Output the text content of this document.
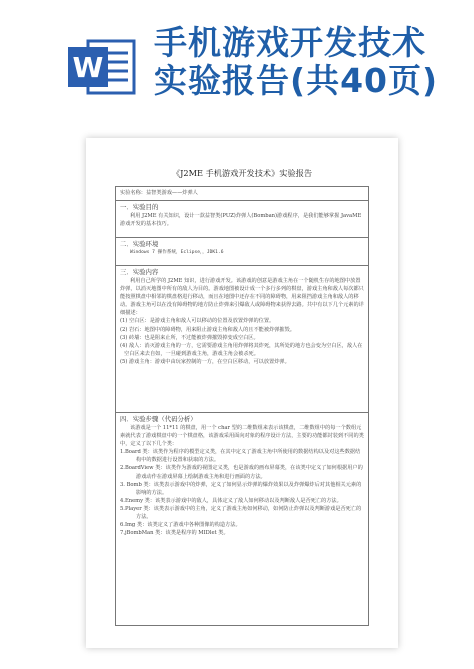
W
手机游戏开发技术
实验报告(共40页)

《J2ME 手机游戏开发技术》实验报告
实验名称：益智类游戏——炸弹人
一．实验目的
利用 J2ME 有关知识，设计一款益智类(PUZ)炸弹人(Bomban)游戏程序，是我们能够掌握 JavaME 游戏开发的基本技巧。
二．实验环境
Windows 7 操作系统，Eclipse，，JDK1.6
三．实验内容
利用自己所学的 J2ME 知识，进行游戏开发。该游戏的创意是游戏主角在一个随机生存的地图中放置炸弹，以消灭地图中所有的敌人为目的。游戏地图被设计成一个多行多列的棋盘，游戏主角和敌人每次都只能按照棋盘中相邻的棋盘格进行移动，而且在地图中还存在不同的障碍物，用来阻挡游戏主角和敌人的移动。游戏主角可以在没有障碍物的地方防止炸弹来引爆敌人或障碍物来获得去路。共中有以下几个元素的详细描述：
(1) 空白区：是游戏主角和敌人可以移动的位置及放置炸弹的位置。
(2) 岩石：地图中的障碍物，用来阻止游戏主角和敌人的且不能被炸弹摧毁。
(3) 砖墙：也是阻来止所，不过能被炸弹摧毁掉变成空白区。
(4) 敌人：消灭游戏主角的一方，它需要游戏主角用炸弹将其炸死，其所处的地方也会变为空白区，敌人在空白区来去自如，一旦碰到游戏主角，游戏主角会被杀死。
(5) 游戏主角：游戏中由玩家控制的一方，在空白区移动，可以放置炸弹。
四．实验步骤（代码分析）
该游戏是一个 11*11 的棋盘，用一个 char 型的二维数组来表示该棋盘，二维数组中的每一个数组元素就代表了游戏棋盘中的一个棋盘格，该游戏采用面向对象的程序设计方法，主要的功能都封装到不同的类中，定义了以下几个类：
1.Board 类：该类作为程序的模型定义类，在其中定义了游戏主角中所使用的数据结构以及对这些数据结构中的数据进行设置和获取的方法。
2.BoardView 类：该类作为游戏的视图定义类，也是游戏的画布屏幕类，在该类中定义了如何根据用户的游戏动作在游戏屏幕上绘制游戏主角和进行画面的方法。
3. Bomb 类：该类表示游戏中的炸弹，定义了如何显示炸弹的爆炸效果以及炸弹爆炸后对其他相关元素的影响的方法。
4.Enemy 类：该类表示游戏中的敌人，具体定义了敌人如何移动以及判断敌人是否死亡的方法。
5.Player 类：该类表示游戏中的主角，定义了游戏主角如何移动，如何防止炸弹以及判断游戏是否死亡的方法。
6.Img 类：该类定义了游戏中各种图像的构造方法。
7.jBombMan 类：该类是程序的 MIDlet 类。
